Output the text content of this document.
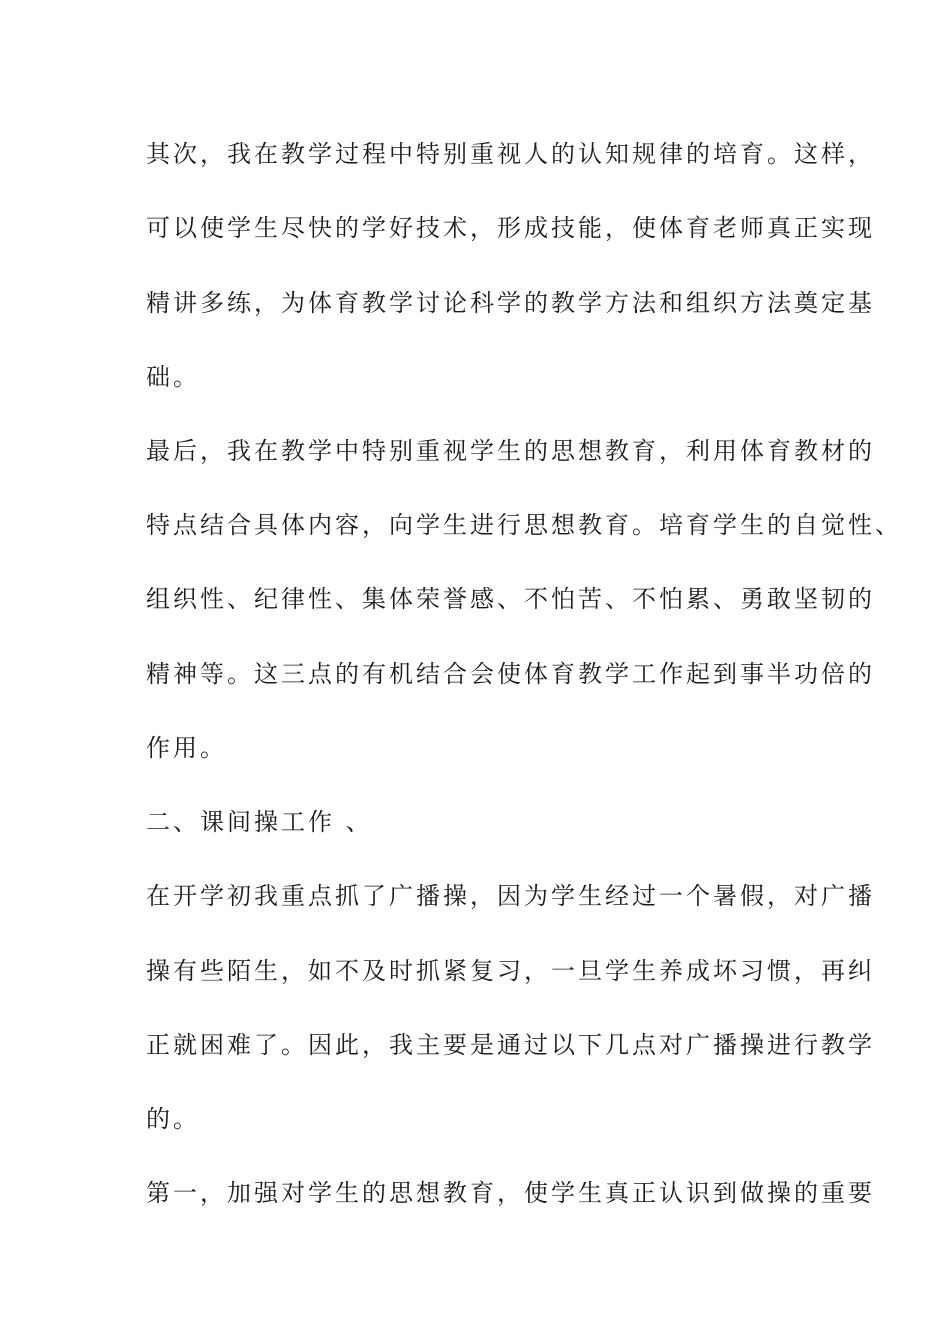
其次，我在教学过程中特别重视人的认知规律的培育。这样，
可以使学生尽快的学好技术，形成技能，使体育老师真正实现
精讲多练，为体育教学讨论科学的教学方法和组织方法奠定基
础。
最后，我在教学中特别重视学生的思想教育，利用体育教材的
特点结合具体内容，向学生进行思想教育。培育学生的自觉性、
组织性、纪律性、集体荣誉感、不怕苦、不怕累、勇敢坚韧的
精神等。这三点的有机结合会使体育教学工作起到事半功倍的
作用。
二、课间操工作 、
在开学初我重点抓了广播操，因为学生经过一个暑假，对广播
操有些陌生，如不及时抓紧复习，一旦学生养成坏习惯，再纠
正就困难了。因此，我主要是通过以下几点对广播操进行教学
的。
第一，加强对学生的思想教育，使学生真正认识到做操的重要
